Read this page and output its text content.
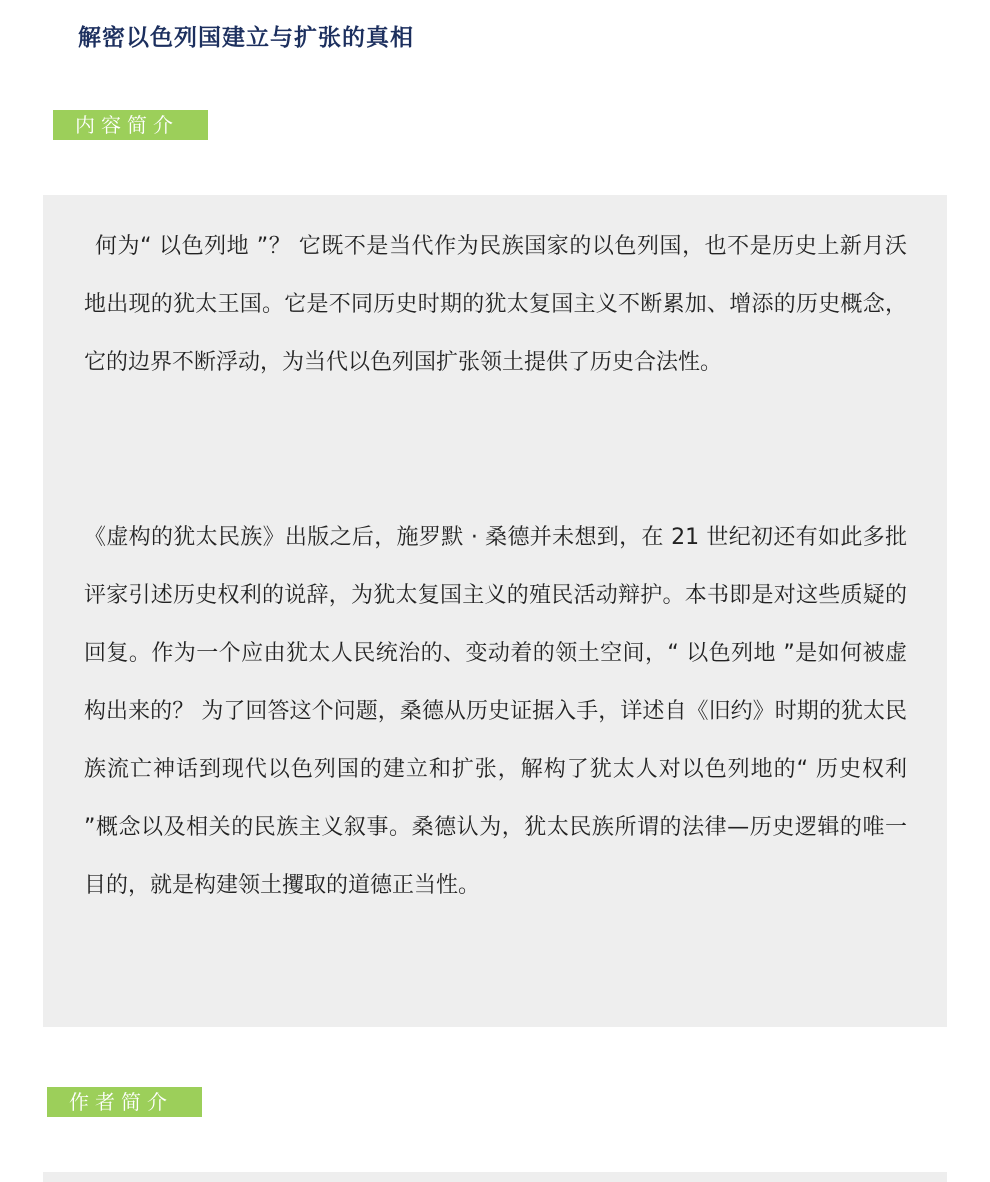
解密以色列国建立与扩张的真相
内容简介

何为“ 以色列地 ”？ 它既不是当代作为民族国家的以色列国，也不是历史上新月沃地出现的犹太王国。它是不同历史时期的犹太复国主义不断累加、增添的历史概念，它的边界不断浮动，为当代以色列国扩张领土提供了历史合法性。

《虚构的犹太民族》出版之后，施罗默 · 桑德并未想到，在 21 世纪初还有如此多批评家引述历史权利的说辞，为犹太复国主义的殖民活动辩护。本书即是对这些质疑的回复。作为一个应由犹太人民统治的、变动着的领土空间，“ 以色列地 ”是如何被虚构出来的？ 为了回答这个问题，桑德从历史证据入手，详述自《旧约》时期的犹太民族流亡神话到现代以色列国的建立和扩张，解构了犹太人对以色列地的“ 历史权利 ”概念以及相关的民族主义叙事。桑德认为，犹太民族所谓的法律—历史逻辑的唯一目的，就是构建领土攫取的道德正当性。

作者简介
